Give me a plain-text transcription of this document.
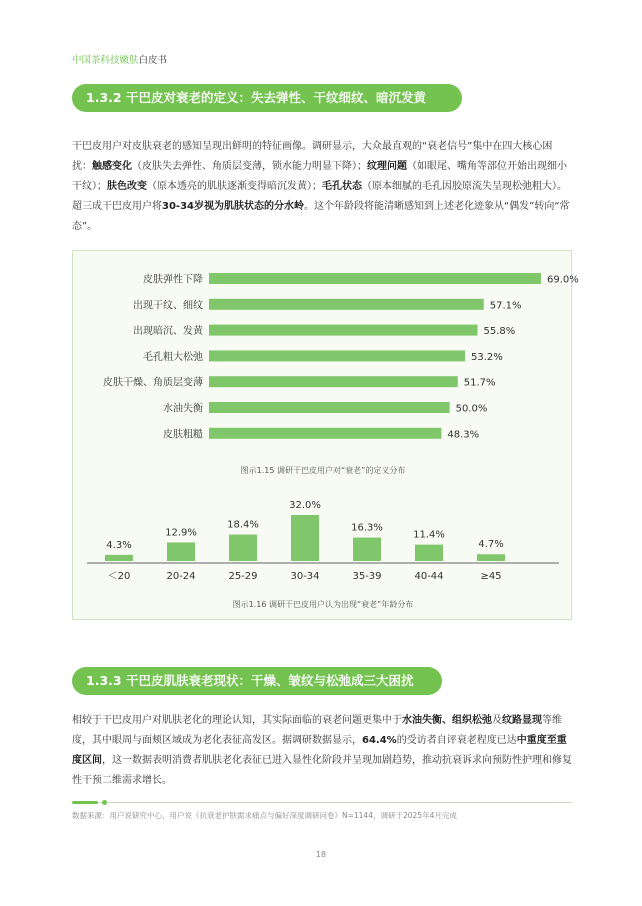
中国茶科技嫩肤白皮书
1.3.2 干巴皮对衰老的定义：失去弹性、干纹细纹、暗沉发黄
干巴皮用户对皮肤衰老的感知呈现出鲜明的特征画像。调研显示，大众最直观的“衰老信号”集中在四大核心困扰：触感变化（皮肤失去弹性、角质层变薄，锁水能力明显下降）；纹理问题（如眼尾、嘴角等部位开始出现细小干纹）；肤色改变（原本透亮的肌肤逐渐变得暗沉发黄）；毛孔状态（原本细腻的毛孔因胶原流失呈现松弛粗大）。超三成干巴皮用户将30-34岁视为肌肤状态的分水岭。这个年龄段将能清晰感知到上述老化迹象从“偶发”转向“常态”。
皮肤弹性下降	69.0%
出现干纹、细纹	57.1%
出现暗沉、发黄	55.8%
毛孔粗大松弛	53.2%
皮肤干燥、角质层变薄	51.7%
水油失衡	50.0%
皮肤粗糙	48.3%
图示1.15 调研干巴皮用户对“衰老”的定义分布
4.3%
＜20
12.9%
20-24
18.4%
25-29
32.0%
30-34
16.3%
35-39
11.4%
40-44
4.7%
≥45
图示1.16 调研干巴皮用户认为出现“衰老”年龄分布
1.3.3 干巴皮肌肤衰老现状：干燥、皱纹与松弛成三大困扰
相较于干巴皮用户对肌肤老化的理论认知，其实际面临的衰老问题更集中于水油失衡、组织松弛及纹路显现等维度，其中眼周与面颊区域成为老化表征高发区。据调研数据显示，64.4%的受访者自评衰老程度已达中重度至重度区间，这一数据表明消费者肌肤老化表征已进入显性化阶段并呈现加剧趋势，推动抗衰诉求向预防性护理和修复性干预二维需求增长。
数据来源：用户说研究中心，用户说《抗衰老护肤需求痛点与偏好深度调研问卷》N=1144，调研于2025年4月完成
18
